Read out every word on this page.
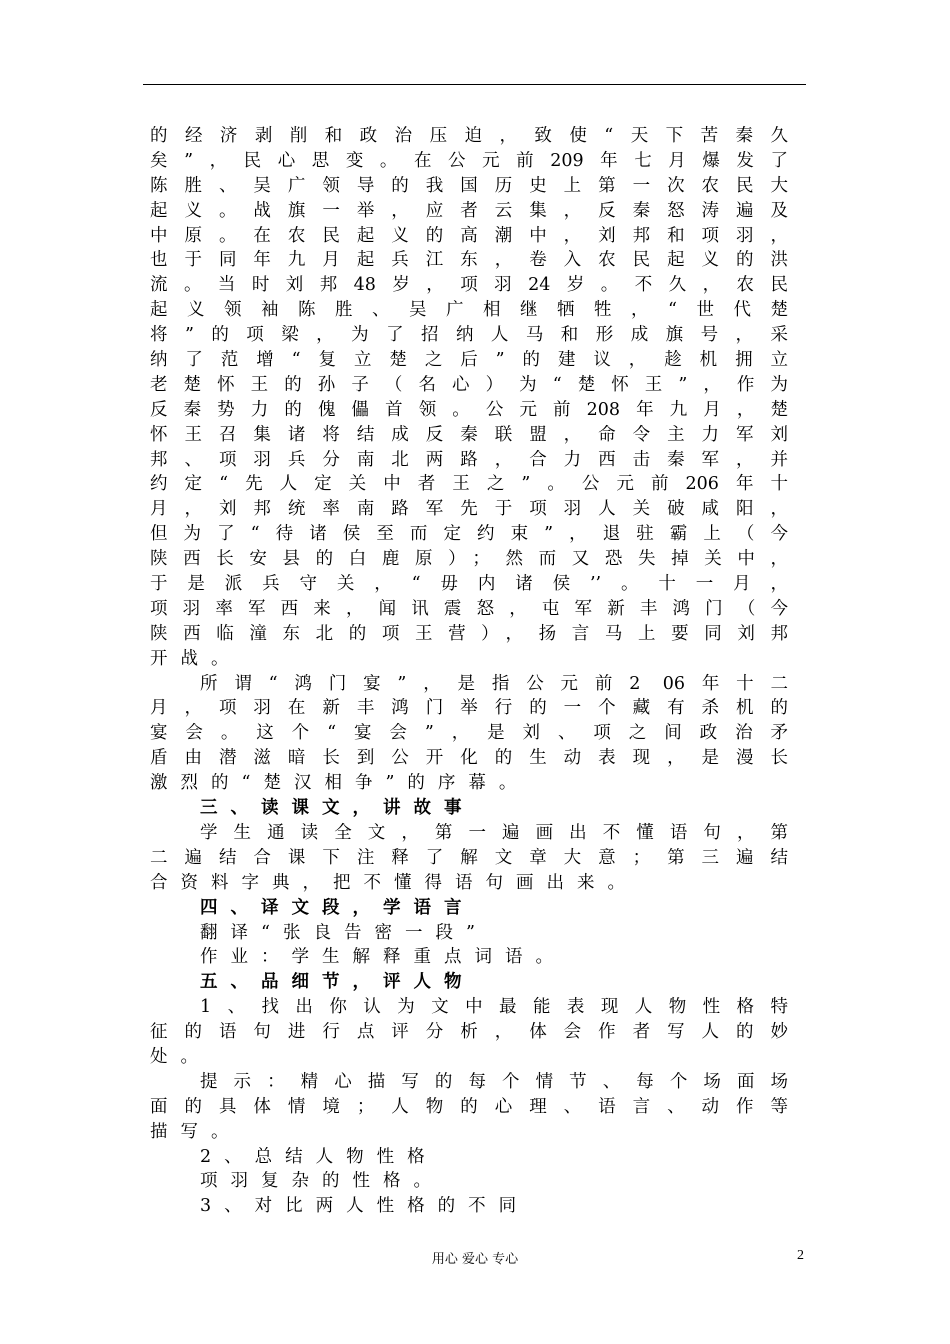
的经济剥削和政治压迫，致使“天下苦秦久
矣”，民心思变。在公元前209年七月爆发了
陈胜、吴广领导的我国历史上第一次农民大
起义。战旗一举，应者云集，反秦怒涛遍及
中原。在农民起义的高潮中，刘邦和项羽，
也于同年九月起兵江东，卷入农民起义的洪
流。当时刘邦48岁，项羽24岁。不久，农民
起义领袖陈胜、吴广相继牺牲，“世代楚
将”的项梁，为了招纳人马和形成旗号，采
纳了范增“复立楚之后”的建议，趁机拥立
老楚怀王的孙子（名心）为“楚怀王”，作为
反秦势力的傀儡首领。公元前208年九月，楚
怀王召集诸将结成反秦联盟，命令主力军刘
邦、项羽兵分南北两路，合力西击秦军，并
约定“先人定关中者王之”。公元前206年十
月，刘邦统率南路军先于项羽人关破咸阳，
但为了“待诸侯至而定约束”，退驻霸上（今
陕西长安县的白鹿原）；然而又恐失掉关中，
于是派兵守关，“毋内诸侯’’。十一月，
项羽率军西来，闻讯震怒，屯军新丰鸿门（今
陕西临潼东北的项王营），扬言马上要同刘邦
开战。
所谓“鸿门宴”，是指公元前2 06年十二
月，项羽在新丰鸿门举行的一个藏有杀机的
宴会。这个“宴会”，是刘、项之间政治矛
盾由潜滋暗长到公开化的生动表现，是漫长
激烈的“楚汉相争”的序幕。
三、读课文，讲故事
学生通读全文，第一遍画出不懂语句，第
二遍结合课下注释了解文章大意；第三遍结
合资料字典，把不懂得语句画出来。
四、译文段，学语言
翻译“张良告密一段”
作业：学生解释重点词语。
五、品细节，评人物
1、找出你认为文中最能表现人物性格特
征的语句进行点评分析，体会作者写人的妙
处。
提示：精心描写的每个情节、每个场面场
面的具体情境；人物的心理、语言、动作等
描写。
2、总结人物性格
项羽复杂的性格。
3、对比两人性格的不同
用心 爱心 专心	2
